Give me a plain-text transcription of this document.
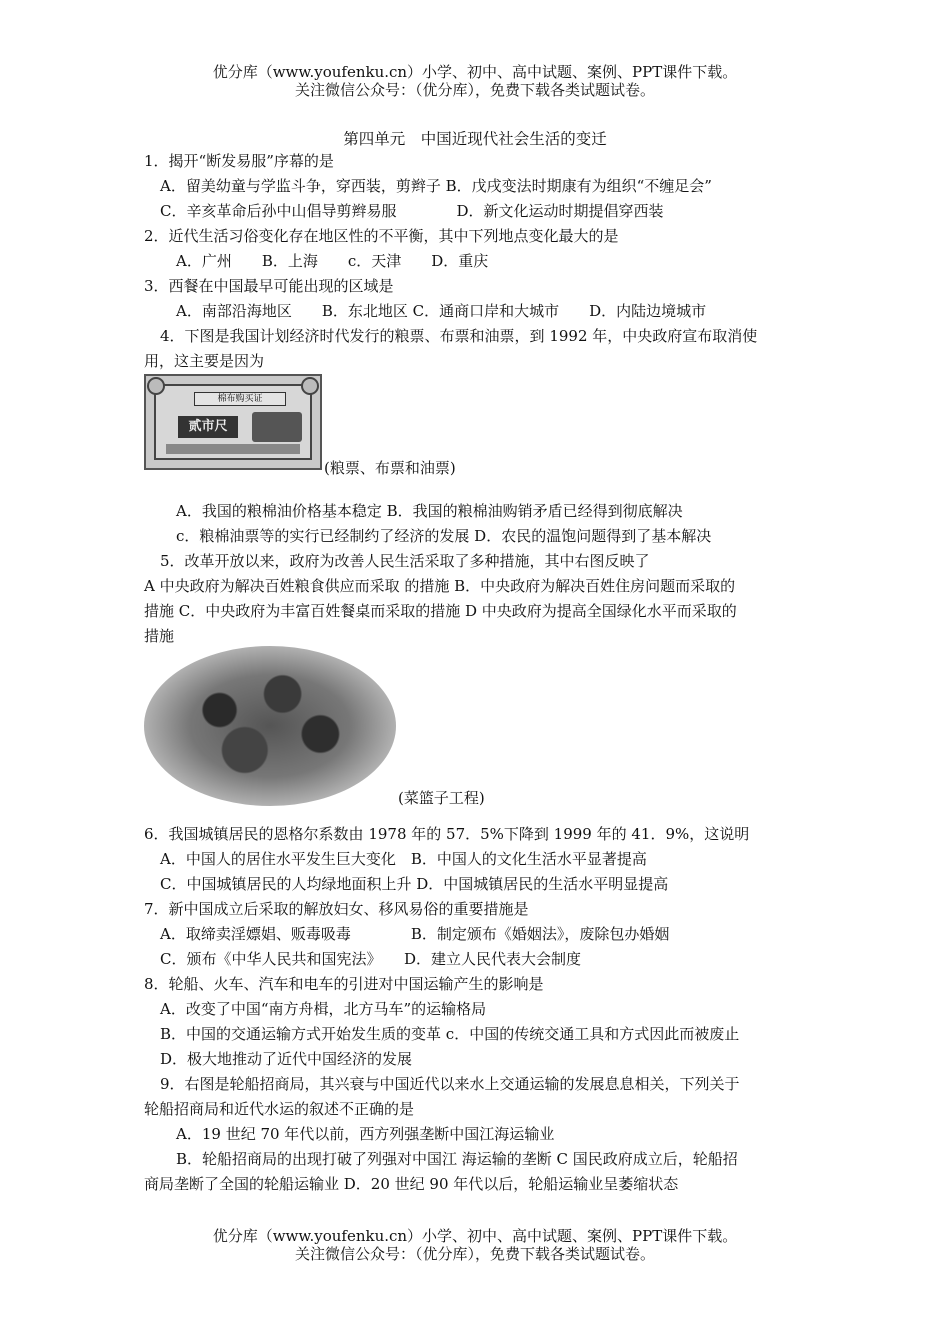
优分库（www.youfenku.cn）小学、初中、高中试题、案例、PPT课件下载。
关注微信公众号：（优分库），免费下载各类试题试卷。
第四单元　中国近现代社会生活的变迁
1．揭开“断发易服”序幕的是
A．留美幼童与学监斗争，穿西装，剪辫子 B．戊戌变法时期康有为组织“不缠足会”
C．辛亥革命后孙中山倡导剪辫易服　　　　D．新文化运动时期提倡穿西装
2．近代生活习俗变化存在地区性的不平衡，其中下列地点变化最大的是
A．广州　　B．上海　　c．天津　　D．重庆
3．西餐在中国最早可能出现的区域是
A．南部沿海地区　　B．东北地区 C．通商口岸和大城市　　D．内陆边境城市
4．下图是我国计划经济时代发行的粮票、布票和油票，到 1992 年，中央政府宣布取消使
用，这主要是因为
棉布购买证
贰市尺
(粮票、布票和油票)
A．我国的粮棉油价格基本稳定 B．我国的粮棉油购销矛盾已经得到彻底解决
c．粮棉油票等的实行已经制约了经济的发展 D．农民的温饱问题得到了基本解决
5．改革开放以来，政府为改善人民生活采取了多种措施，其中右图反映了
A 中央政府为解决百姓粮食供应而采取 的措施 B．中央政府为解决百姓住房问题而采取的
措施 C．中央政府为丰富百姓餐桌而采取的措施 D 中央政府为提高全国绿化水平而采取的
措施
(菜篮子工程)
6．我国城镇居民的恩格尔系数由 1978 年的 57．5%下降到 1999 年的 41．9%，这说明
A．中国人的居住水平发生巨大变化　B．中国人的文化生活水平显著提高
C．中国城镇居民的人均绿地面积上升 D．中国城镇居民的生活水平明显提高
7．新中国成立后采取的解放妇女、移风易俗的重要措施是
A．取缔卖淫嫖娼、贩毒吸毒　　　　B．制定颁布《婚姻法》，废除包办婚姻
C．颁布《中华人民共和国宪法》　　D．建立人民代表大会制度
8．轮船、火车、汽车和电车的引进对中国运输产生的影响是
A．改变了中国“南方舟楫，北方马车”的运输格局
B．中国的交通运输方式开始发生质的变革 c．中国的传统交通工具和方式因此而被废止
D．极大地推动了近代中国经济的发展
9．右图是轮船招商局，其兴衰与中国近代以来水上交通运输的发展息息相关，下列关于
轮船招商局和近代水运的叙述不正确的是
A．19 世纪 70 年代以前，西方列强垄断中国江海运输业
B．轮船招商局的出现打破了列强对中国江 海运输的垄断 C 国民政府成立后，轮船招
商局垄断了全国的轮船运输业 D．20 世纪 90 年代以后，轮船运输业呈萎缩状态
优分库（www.youfenku.cn）小学、初中、高中试题、案例、PPT课件下载。
关注微信公众号：（优分库），免费下载各类试题试卷。
